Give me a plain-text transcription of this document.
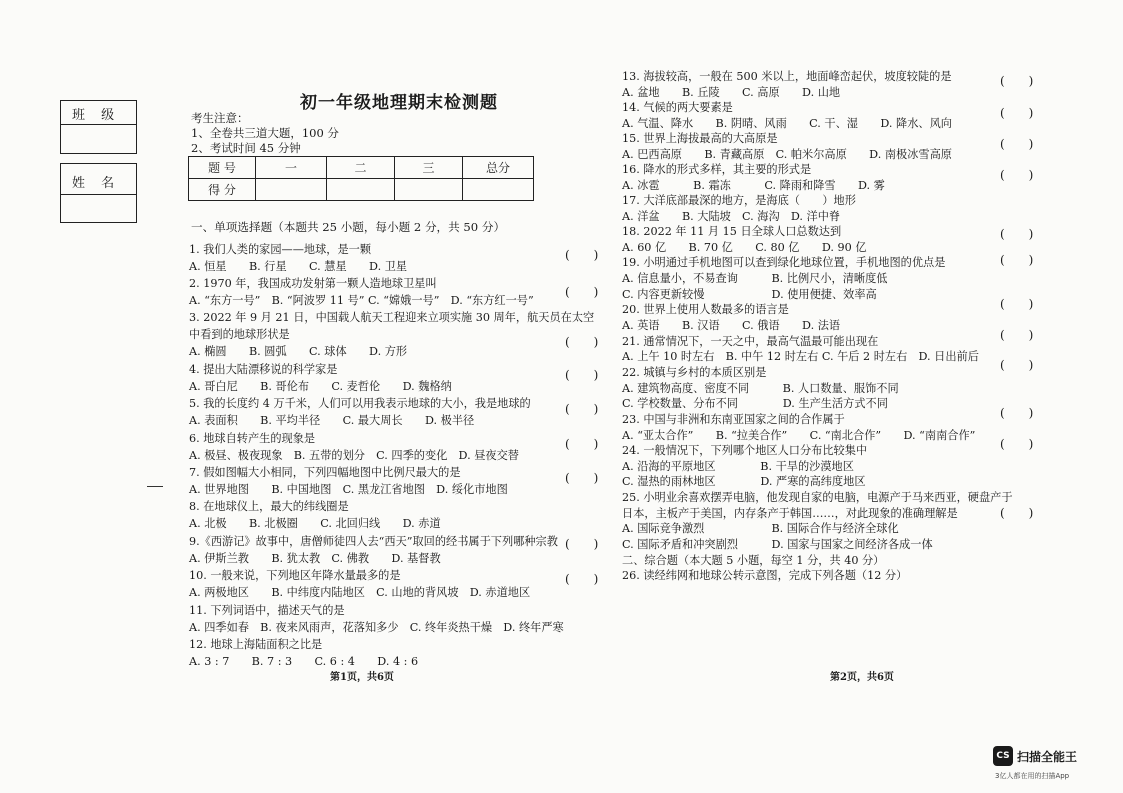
班 级
姓 名
初一年级地理期末检测题
考生注意：
1、全卷共三道大题，100 分
2、考试时间 45 分钟
题 号	一	二	三	总分
得 分				
一、单项选择题（本题共 25 小题，每小题 2 分，共 50 分）
1. 我们人类的家园——地球，是一颗
A. 恒星　　B. 行星　　C. 慧星　　D. 卫星
2. 1970 年，我国成功发射第一颗人造地球卫星叫
A. “东方一号”　B. “阿波罗 11 号” C. “嫦娥一号”　D. “东方红一号”
3. 2022 年 9 月 21 日，中国载人航天工程迎来立项实施 30 周年，航天员在太空
中看到的地球形状是
A. 椭圆　　B. 圆弧　　C. 球体　　D. 方形
4. 提出大陆漂移说的科学家是
A. 哥白尼　　B. 哥伦布　　C. 麦哲伦　　D. 魏格纳
5. 我的长度约 4 万千米，人们可以用我表示地球的大小，我是地球的
A. 表面积　　B. 平均半径　　C. 最大周长　　D. 极半径
6. 地球自转产生的现象是
A. 极昼、极夜现象　B. 五带的划分　C. 四季的变化　D. 昼夜交替
7. 假如图幅大小相同，下列四幅地图中比例尺最大的是
A. 世界地图　　B. 中国地图　C. 黑龙江省地图　D. 绥化市地图
8. 在地球仪上，最大的纬线圈是
A. 北极　　B. 北极圈　　C. 北回归线　　D. 赤道
9.《西游记》故事中，唐僧师徒四人去“西天”取回的经书属于下列哪种宗教
A. 伊斯兰教　　B. 犹太教　C. 佛教　　D. 基督教
10. 一般来说，下列地区年降水量最多的是
A. 两极地区　　B. 中纬度内陆地区　C. 山地的背风坡　D. 赤道地区
11. 下列词语中，描述天气的是
A. 四季如春　B. 夜来风雨声，花落知多少　C. 终年炎热干燥　D. 终年严寒
12. 地球上海陆面积之比是
A. 3 : 7　　B. 7 : 3　　C. 6 : 4　　D. 4 : 6
(　　)
(　　)
(　　)
(　　)
(　　)
(　　)
(　　)
(　　)
(　　)
第1页，共6页
13. 海拔较高，一般在 500 米以上，地面峰峦起伏，坡度较陡的是
A. 盆地　　B. 丘陵　　C. 高原　　D. 山地
14. 气候的两大要素是
A. 气温、降水　　B. 阴晴、风雨　　C. 干、湿　　D. 降水、风向
15. 世界上海拔最高的大高原是
A. 巴西高原　　B. 青藏高原　C. 帕米尔高原　　D. 南极冰雪高原
16. 降水的形式多样，其主要的形式是
A. 冰雹　　　B. 霜冻　　　C. 降雨和降雪　　D. 雾
17. 大洋底部最深的地方，是海底（　　）地形
A. 洋盆　　B. 大陆坡　C. 海沟　D. 洋中脊
18. 2022 年 11 月 15 日全球人口总数达到
A. 60 亿　　B. 70 亿　　C. 80 亿　　D. 90 亿
19. 小明通过手机地图可以查到绿化地球位置，手机地图的优点是
A. 信息量小，不易查询　　　B. 比例尺小，清晰度低
C. 内容更新较慢　　　　　　D. 使用便捷、效率高
20. 世界上使用人数最多的语言是
A. 英语　　B. 汉语　　C. 俄语　　D. 法语
21. 通常情况下，一天之中，最高气温最可能出现在
A. 上午 10 时左右　B. 中午 12 时左右 C. 午后 2 时左右　D. 日出前后
22. 城镇与乡村的本质区别是
A. 建筑物高度、密度不同　　　B. 人口数量、服饰不同
C. 学校数量、分布不同　　　　D. 生产生活方式不同
23. 中国与非洲和东南亚国家之间的合作属于
A. “亚太合作”　　B. “拉美合作”　　C. “南北合作”　　D. “南南合作”
24. 一般情况下，下列哪个地区人口分布比较集中
A. 沿海的平原地区　　　　B. 干旱的沙漠地区
C. 湿热的雨林地区　　　　D. 严寒的高纬度地区
25. 小明业余喜欢摆弄电脑，他发现自家的电脑，电源产于马来西亚，硬盘产于
日本，主板产于美国，内存条产于韩国……，对此现象的准确理解是
A. 国际竞争激烈　　　　　　B. 国际合作与经济全球化
C. 国际矛盾和冲突剧烈　　　D. 国家与国家之间经济各成一体
二、综合题（本大题 5 小题，每空 1 分，共 40 分）
26. 读经纬网和地球公转示意图，完成下列各题（12 分）
(　　)
(　　)
(　　)
(　　)
(　　)
(　　)
(　　)
(　　)
(　　)
(　　)
(　　)
(　　)
第2页，共6页
CS 扫描全能王
3亿人都在用的扫描App
